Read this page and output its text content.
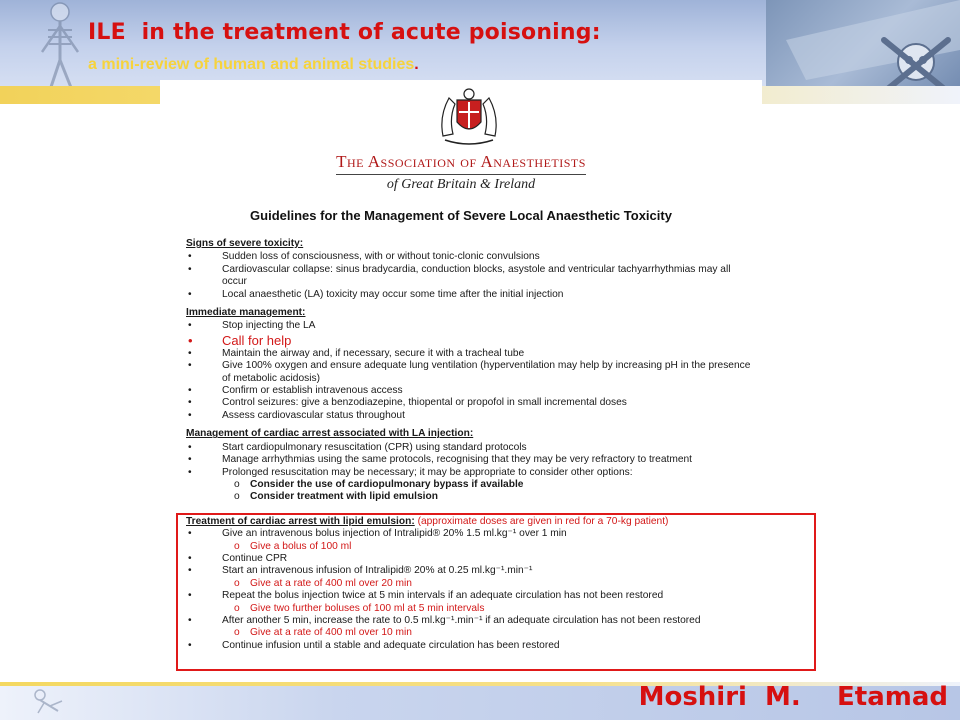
ILE in the treatment of acute poisoning:

a mini-review of human and animal studies.

The Association of Anaesthetists
of Great Britain & Ireland
Guidelines for the Management of Severe Local Anaesthetic Toxicity
Signs of severe toxicity:
•	Sudden loss of consciousness, with or without tonic-clonic convulsions
•	Cardiovascular collapse: sinus bradycardia, conduction blocks, asystole and ventricular tachyarrhythmias may all occur
•	Local anaesthetic (LA) toxicity may occur some time after the initial injection
Immediate management:
•	Stop injecting the LA
•	Call for help
•	Maintain the airway and, if necessary, secure it with a tracheal tube
•	Give 100% oxygen and ensure adequate lung ventilation (hyperventilation may help by increasing pH in the presence of metabolic acidosis)
•	Confirm or establish intravenous access
•	Control seizures: give a benzodiazepine, thiopental or propofol in small incremental doses
•	Assess cardiovascular status throughout
Management of cardiac arrest associated with LA injection:
•	Start cardiopulmonary resuscitation (CPR) using standard protocols
•	Manage arrhythmias using the same protocols, recognising that they may be very refractory to treatment
•	Prolonged resuscitation may be necessary; it may be appropriate to consider other options:
o	Consider the use of cardiopulmonary bypass if available
o	Consider treatment with lipid emulsion
Treatment of cardiac arrest with lipid emulsion: (approximate doses are given in red for a 70-kg patient)
•	Give an intravenous bolus injection of Intralipid® 20% 1.5 ml.kg⁻¹ over 1 min
o	Give a bolus of 100 ml
•	Continue CPR
•	Start an intravenous infusion of Intralipid® 20% at 0.25 ml.kg⁻¹.min⁻¹
o	Give at a rate of 400 ml over 20 min
•	Repeat the bolus injection twice at 5 min intervals if an adequate circulation has not been restored
o	Give two further boluses of 100 ml at 5 min intervals
•	After another 5 min, increase the rate to 0.5 ml.kg⁻¹.min⁻¹ if an adequate circulation has not been restored
o	Give at a rate of 400 ml over 10 min
•	Continue infusion until a stable and adequate circulation has been restored

Moshiri  M.    Etamad
